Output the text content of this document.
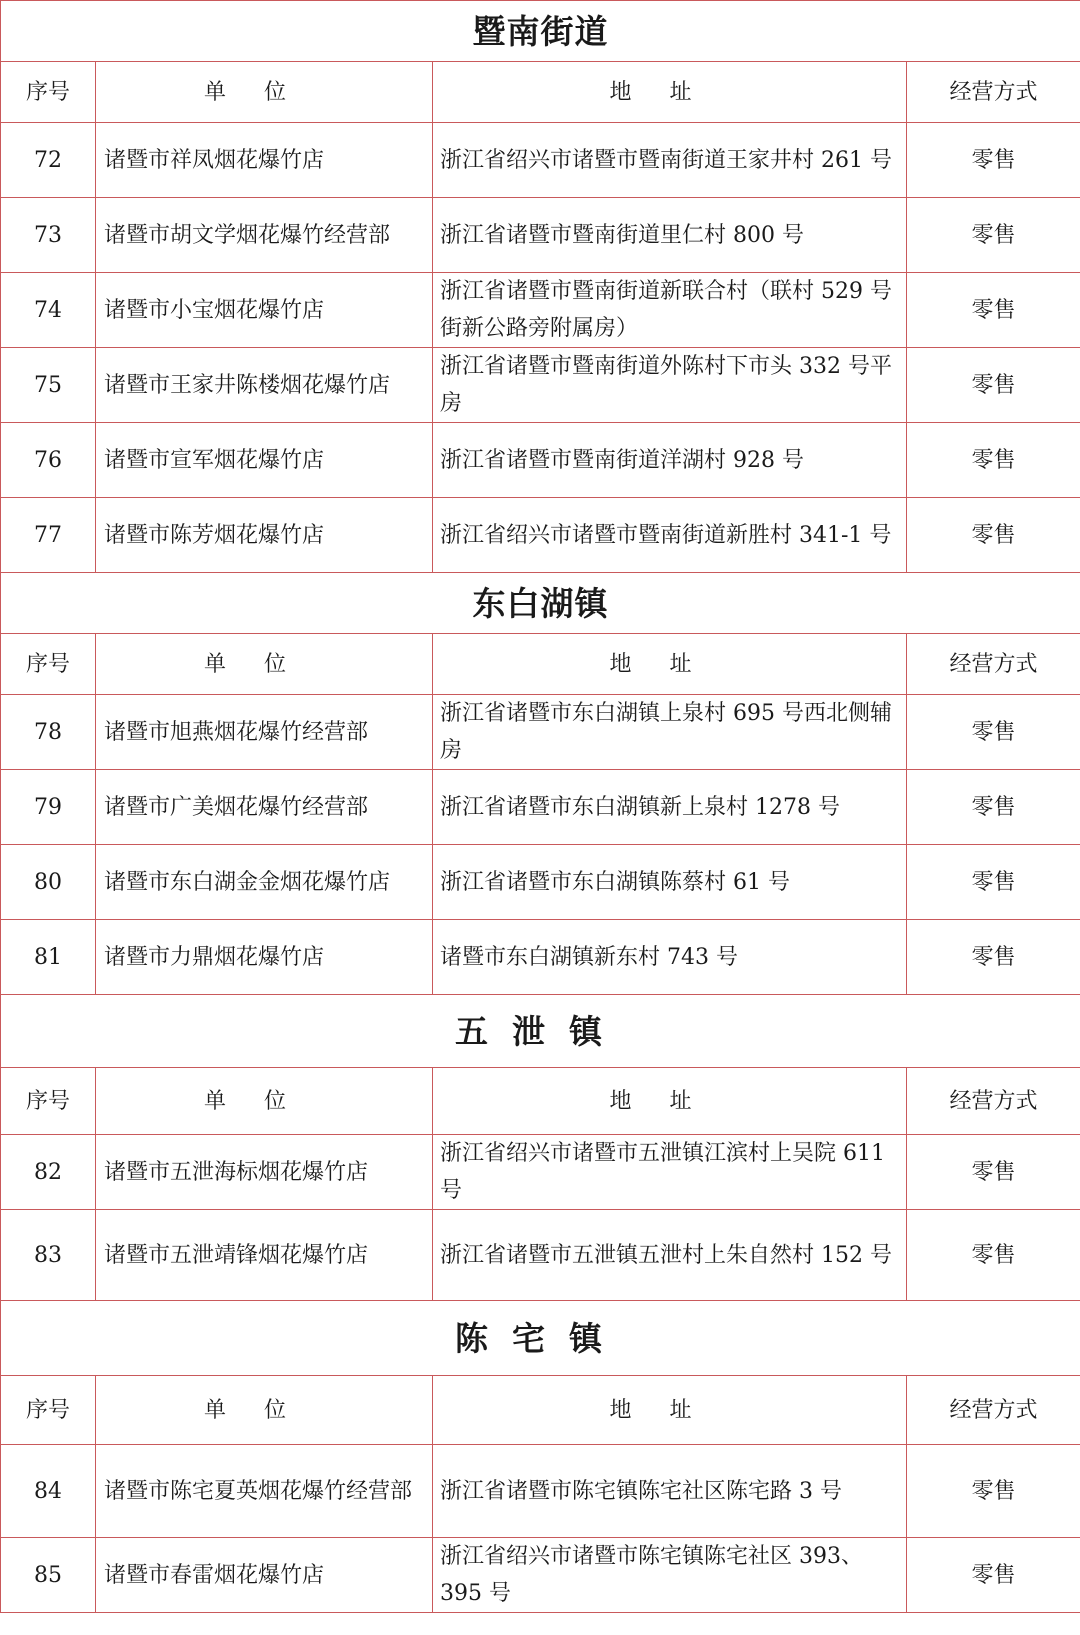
暨南街道			
序号	单位	地址	经营方式
72	诸暨市祥凤烟花爆竹店	浙江省绍兴市诸暨市暨南街道王家井村 261 号	零售
73	诸暨市胡文学烟花爆竹经营部	浙江省诸暨市暨南街道里仁村 800 号	零售
74	诸暨市小宝烟花爆竹店	浙江省诸暨市暨南街道新联合村（联村 529 号街新公路旁附属房）	零售
75	诸暨市王家井陈楼烟花爆竹店	浙江省诸暨市暨南街道外陈村下市头 332 号平房	零售
76	诸暨市宣军烟花爆竹店	浙江省诸暨市暨南街道洋湖村 928 号	零售
77	诸暨市陈芳烟花爆竹店	浙江省绍兴市诸暨市暨南街道新胜村 341-1 号	零售
东白湖镇			
序号	单位	地址	经营方式
78	诸暨市旭燕烟花爆竹经营部	浙江省诸暨市东白湖镇上泉村 695 号西北侧辅房	零售
79	诸暨市广美烟花爆竹经营部	浙江省诸暨市东白湖镇新上泉村 1278 号	零售
80	诸暨市东白湖金金烟花爆竹店	浙江省诸暨市东白湖镇陈蔡村 61 号	零售
81	诸暨市力鼎烟花爆竹店	诸暨市东白湖镇新东村 743 号	零售
五泄镇			
序号	单位	地址	经营方式
82	诸暨市五泄海标烟花爆竹店	浙江省绍兴市诸暨市五泄镇江滨村上吴院 611 号	零售
83	诸暨市五泄靖锋烟花爆竹店	浙江省诸暨市五泄镇五泄村上朱自然村 152 号	零售
陈宅镇			
序号	单位	地址	经营方式
84	诸暨市陈宅夏英烟花爆竹经营部	浙江省诸暨市陈宅镇陈宅社区陈宅路 3 号	零售
85	诸暨市春雷烟花爆竹店	浙江省绍兴市诸暨市陈宅镇陈宅社区 393、395 号	零售
